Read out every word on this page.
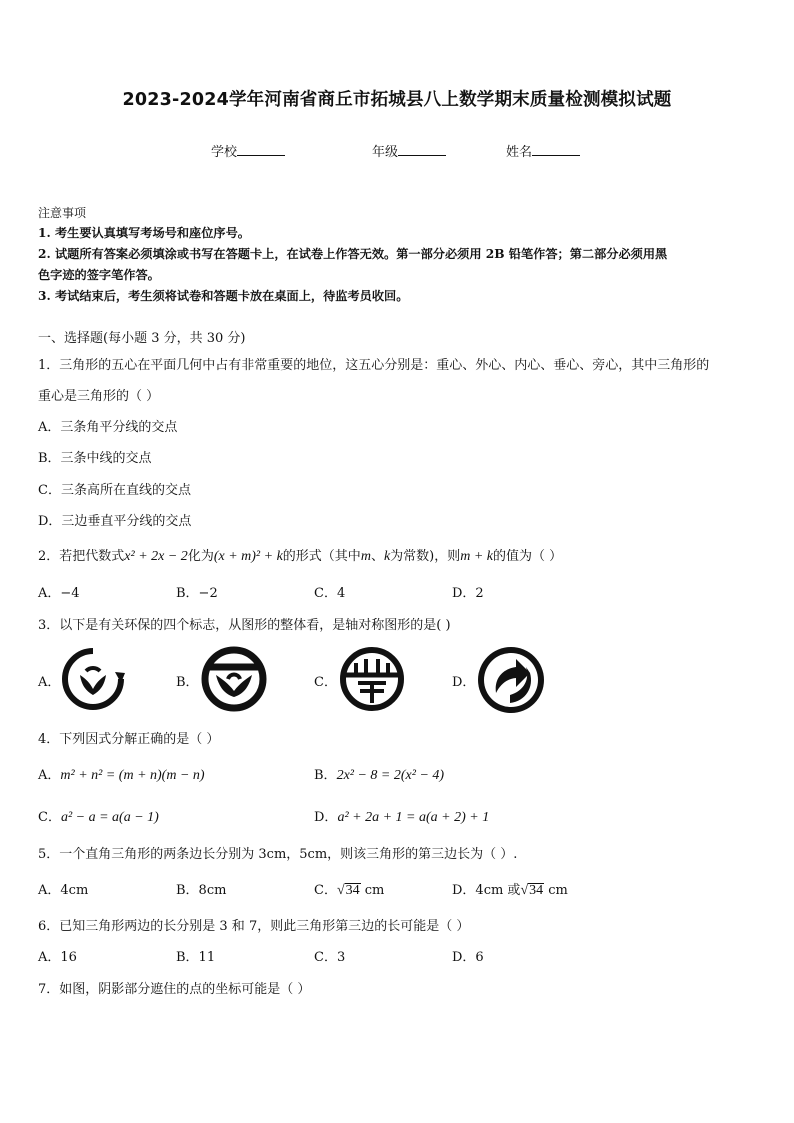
2023-2024学年河南省商丘市拓城县八上数学期末质量检测模拟试题
学校	年级	姓名
注意事项
1. 考生要认真填写考场号和座位序号。
2. 试题所有答案必须填涂或书写在答题卡上，在试卷上作答无效。第一部分必须用 2B 铅笔作答；第二部分必须用黑
色字迹的签字笔作答。
3. 考试结束后，考生须将试卷和答题卡放在桌面上，待监考员收回。
一、选择题(每小题 3 分，共 30 分)
1．三角形的五心在平面几何中占有非常重要的地位，这五心分别是：重心、外心、内心、垂心、旁心，其中三角形的
重心是三角形的（ ）
A．三条角平分线的交点
B．三条中线的交点
C．三条高所在直线的交点
D．三边垂直平分线的交点
2．若把代数式x² + 2x − 2化为(x + m)² + k的形式（其中m、k为常数)，则m + k的值为（ ）
A．−4	B．−2	C．4	D．2
3．以下是有关环保的四个标志，从图形的整体看，是轴对称图形的是( )
A．	B．	C．	D．
4．下列因式分解正确的是（ ）
A．m² + n² = (m + n)(m − n)	B．2x² − 8 = 2(x² − 4)
C．a² − a = a(a − 1)	D．a² + 2a + 1 = a(a + 2) + 1
5．一个直角三角形的两条边长分别为 3cm，5cm，则该三角形的第三边长为（ ）.
A．4cm	B．8cm	C．√34 cm	D．4cm 或√34 cm
6．已知三角形两边的长分别是 3 和 7，则此三角形第三边的长可能是（ ）
A．16	B．11	C．3	D．6
7．如图，阴影部分遮住的点的坐标可能是（ ）
